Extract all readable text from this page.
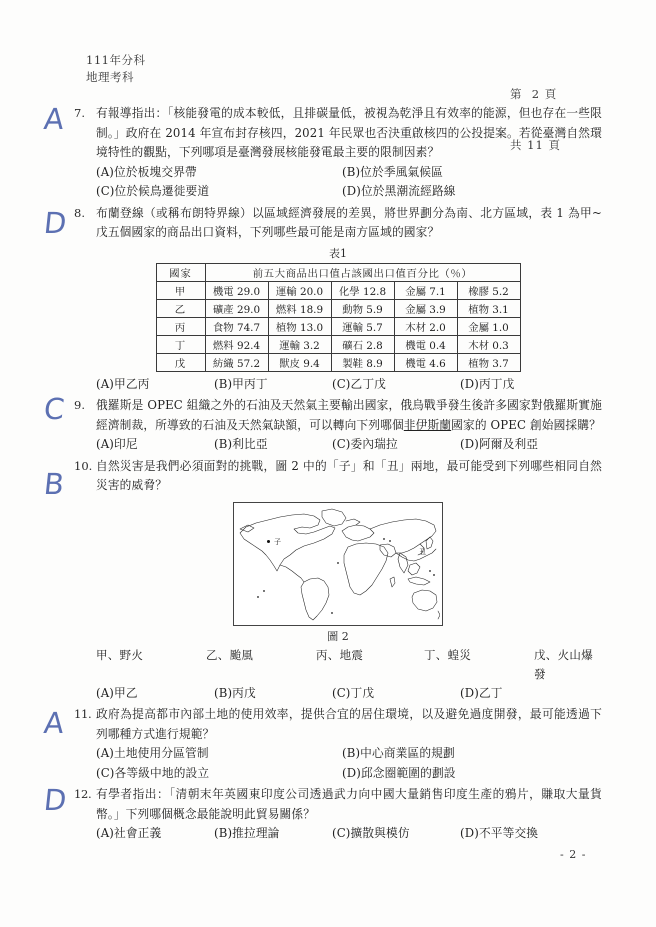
111年分科
地理考科

第  2 頁

共 11 頁

A
D
C
B
A
D
7. 有報導指出：「核能發電的成本較低，且排碳量低，被視為乾淨且有效率的能源，但也存在一些限制。」政府在 2014 年宣布封存核四，2021 年民眾也否決重啟核四的公投提案。若從臺灣自然環境特性的觀點，下列哪項是臺灣發展核能發電最主要的限制因素？
(A)位於板塊交界帶	(B)位於季風氣候區
(C)位於候鳥遷徙要道	(D)位於黑潮流經路線
8. 布蘭登線（或稱布朗特界線）以區域經濟發展的差異，將世界劃分為南、北方區域，表 1 為甲~戊五個國家的商品出口資料，下列哪些最可能是南方區域的國家？
表1
國家	前五大商品出口值占該國出口值百分比（％）				
甲	機電 29.0	運輸 20.0	化學 12.8	金屬 7.1	橡膠 5.2
乙	礦產 29.0	燃料 18.9	動物 5.9	金屬 3.9	植物 3.1
丙	食物 74.7	植物 13.0	運輸 5.7	木材 2.0	金屬 1.0
丁	燃料 92.4	運輸 3.2	礦石 2.8	機電 0.4	木材 0.3
戊	紡織 57.2	獸皮 9.4	製鞋 8.9	機電 4.6	植物 3.7
(A)甲乙丙	(B)甲丙丁	(C)乙丁戊	(D)丙丁戊
9. 俄羅斯是 OPEC 組織之外的石油及天然氣主要輸出國家，俄烏戰爭發生後許多國家對俄羅斯實施經濟制裁，所導致的石油及天然氣缺額，可以轉向下列哪個非伊斯蘭國家的 OPEC 創始國採購？
(A)印尼	(B)利比亞	(C)委內瑞拉	(D)阿爾及利亞
10. 自然災害是我們必須面對的挑戰，圖 2 中的「子」和「丑」兩地，最可能受到下列哪些相同自然災害的威脅？
子
丑
圖 2
甲、野火	乙、颱風	丙、地震	丁、蝗災	戊、火山爆發
(A)甲乙	(B)丙戊	(C)丁戊	(D)乙丁
11. 政府為提高都市內部土地的使用效率，提供合宜的居住環境，以及避免過度開發，最可能透過下列哪種方式進行規範？
(A)土地使用分區管制	(B)中心商業區的規劃
(C)各等級中地的設立	(D)邱念圈範圍的劃設
12. 有學者指出：「清朝末年英國東印度公司透過武力向中國大量銷售印度生產的鴉片，賺取大量貨幣。」下列哪個概念最能說明此貿易關係？
(A)社會正義	(B)推拉理論	(C)擴散與模仿	(D)不平等交換
- 2 -
